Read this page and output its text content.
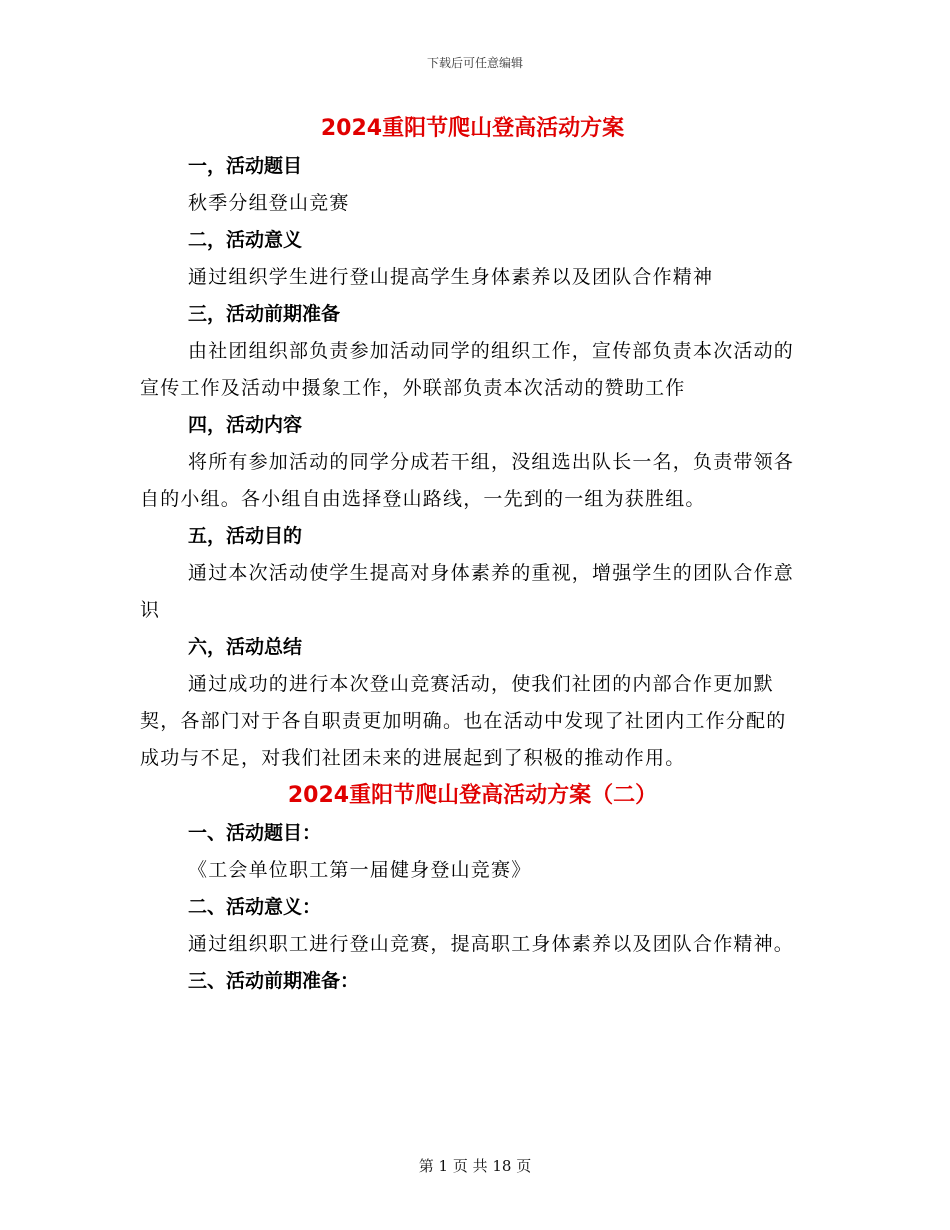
下载后可任意编辑
2024重阳节爬山登高活动方案

一，活动题目

秋季分组登山竞赛

二，活动意义

通过组织学生进行登山提高学生身体素养以及团队合作精神

三，活动前期准备

由社团组织部负责参加活动同学的组织工作，宣传部负责本次活动的宣传工作及活动中摄象工作，外联部负责本次活动的赞助工作

四，活动内容

将所有参加活动的同学分成若干组，没组选出队长一名，负责带领各自的小组。各小组自由选择登山路线，一先到的一组为获胜组。

五，活动目的

通过本次活动使学生提高对身体素养的重视，增强学生的团队合作意识

六，活动总结

通过成功的进行本次登山竞赛活动，使我们社团的内部合作更加默契，各部门对于各自职责更加明确。也在活动中发现了社团内工作分配的成功与不足，对我们社团未来的进展起到了积极的推动作用。

2024重阳节爬山登高活动方案（二）

一、活动题目：

《工会单位职工第一届健身登山竞赛》

二、活动意义：

通过组织职工进行登山竞赛，提高职工身体素养以及团队合作精神。

三、活动前期准备：

第 1 页 共 18 页
